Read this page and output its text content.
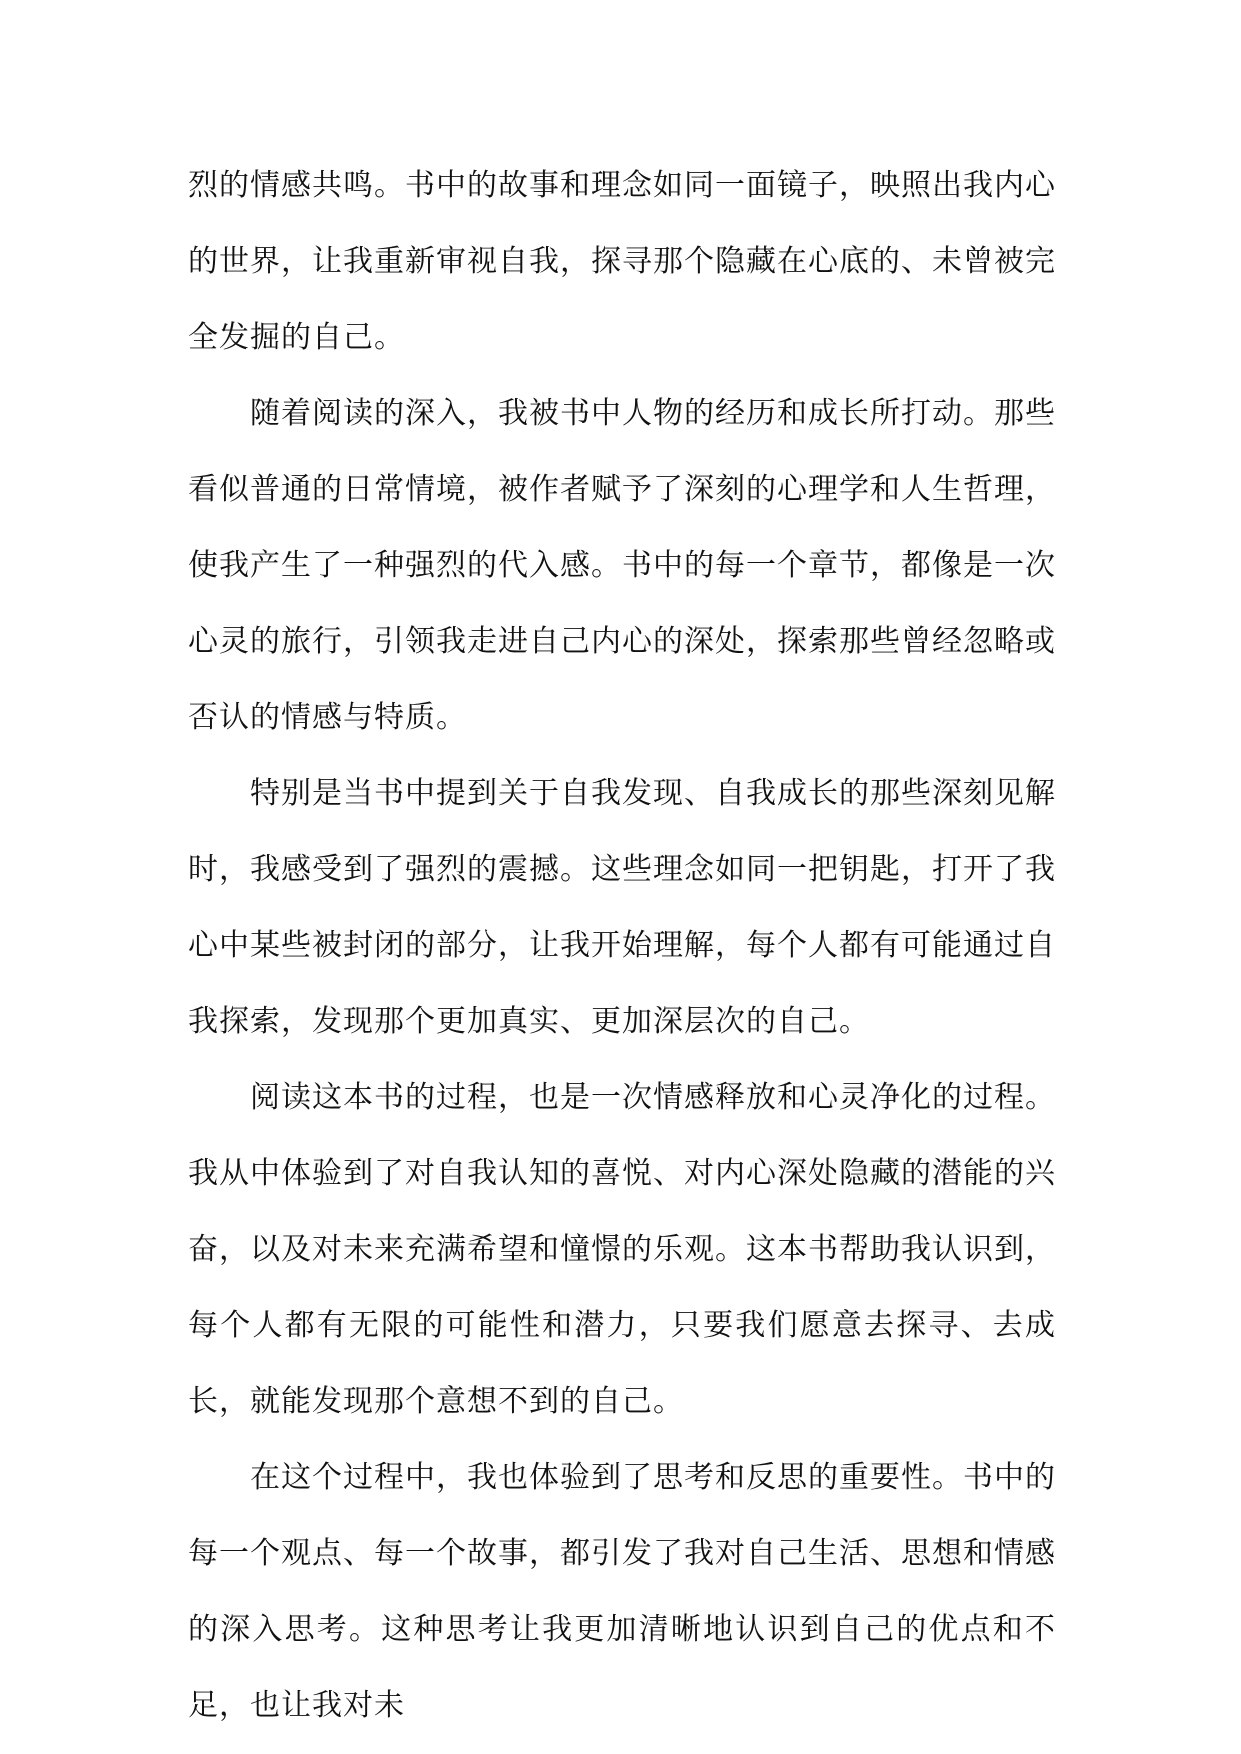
烈的情感共鸣。书中的故事和理念如同一面镜子，映照出我内心的世界，让我重新审视自我，探寻那个隐藏在心底的、未曾被完全发掘的自己。

随着阅读的深入，我被书中人物的经历和成长所打动。那些看似普通的日常情境，被作者赋予了深刻的心理学和人生哲理，使我产生了一种强烈的代入感。书中的每一个章节，都像是一次心灵的旅行，引领我走进自己内心的深处，探索那些曾经忽略或否认的情感与特质。

特别是当书中提到关于自我发现、自我成长的那些深刻见解时，我感受到了强烈的震撼。这些理念如同一把钥匙，打开了我心中某些被封闭的部分，让我开始理解，每个人都有可能通过自我探索，发现那个更加真实、更加深层次的自己。

阅读这本书的过程，也是一次情感释放和心灵净化的过程。我从中体验到了对自我认知的喜悦、对内心深处隐藏的潜能的兴奋，以及对未来充满希望和憧憬的乐观。这本书帮助我认识到，每个人都有无限的可能性和潜力，只要我们愿意去探寻、去成长，就能发现那个意想不到的自己。

在这个过程中，我也体验到了思考和反思的重要性。书中的每一个观点、每一个故事，都引发了我对自己生活、思想和情感的深入思考。这种思考让我更加清晰地认识到自己的优点和不足，也让我对未
